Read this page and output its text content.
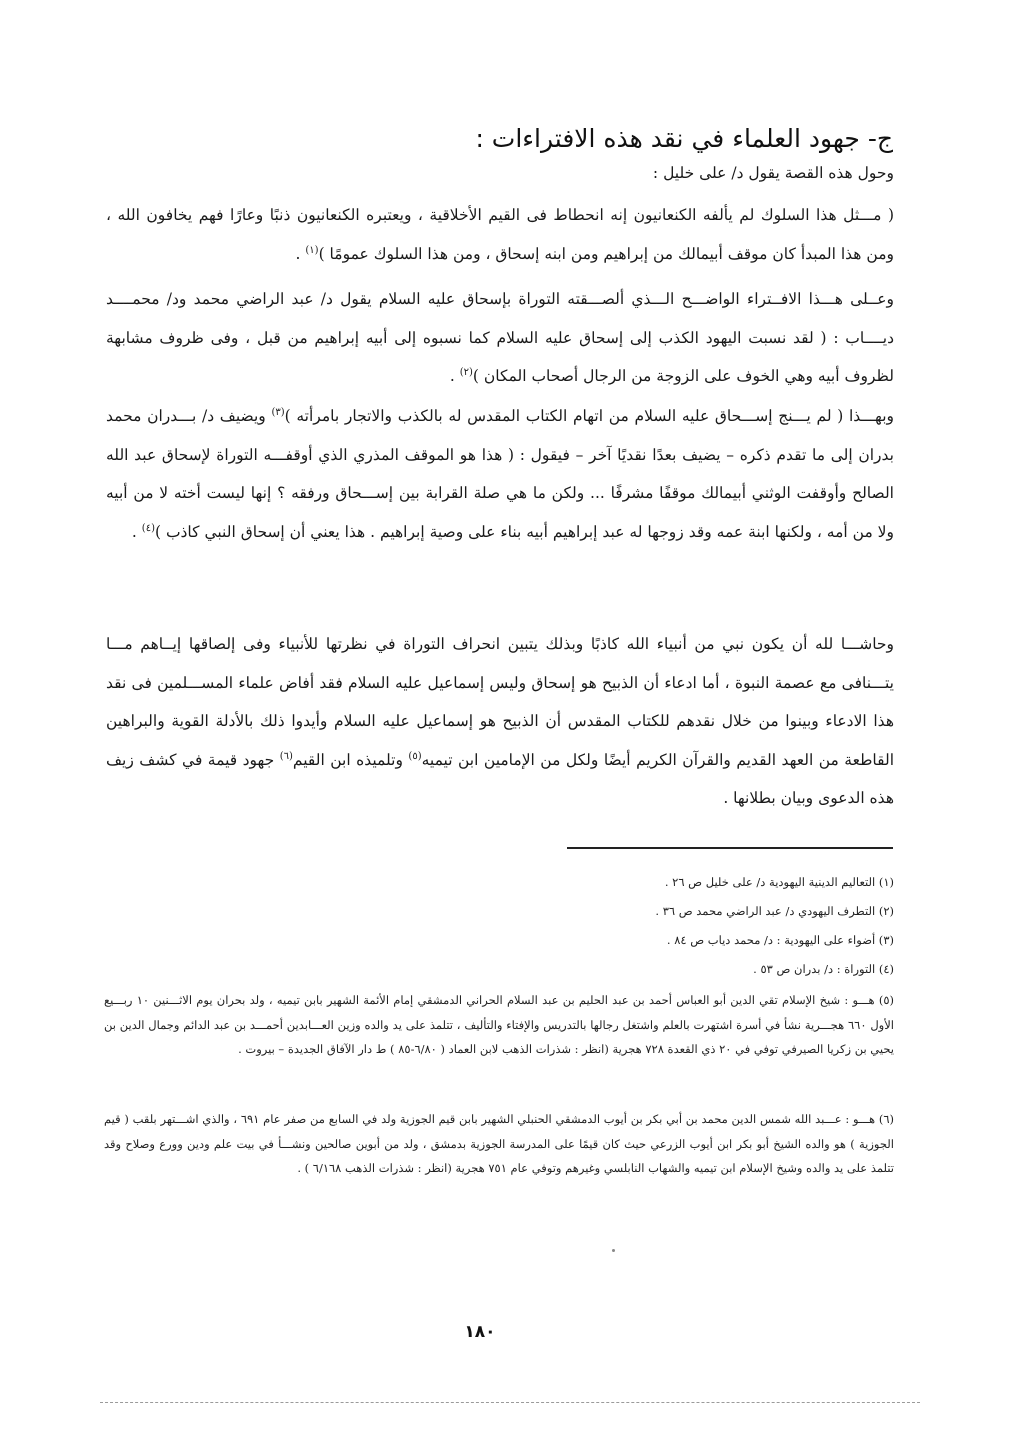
ج- جهود العلماء في نقد هذه الافتراءات :
وحول هذه القصة يقول د/ على خليل :
( مـــثل هذا السلوك لم يألفه الكنعانيون إنه انحطاط فى القيم الأخلاقية ، ويعتبره الكنعانيون ذنبًا وعارًا فهم يخافون الله ، ومن هذا المبدأ كان موقف أبيمالك من إبراهيم ومن ابنه إسحاق ، ومن هذا السلوك عمومًا )$^{(١)}$ .
وعــلى هـــذا الافــتراء الواضـــح الـــذي ألصـــقته التوراة بإسحاق عليه السلام يقول د/ عبد الراضي محمد ود/ محمــــد ديــــاب : ( لقد نسبت اليهود الكذب إلى إسحاق عليه السلام كما نسبوه إلى أبيه إبراهيم من قبل ، وفى ظروف مشابهة لظروف أبيه وهي الخوف على الزوجة من الرجال أصحاب المكان )$^{(٢)}$ .
وبهـــذا ( لم يـــنج إســـحاق عليه السلام من اتهام الكتاب المقدس له بالكذب والاتجار بامرأته )$^{(٣)}$ ويضيف د/ بـــدران محمد بدران إلى ما تقدم ذكره – يضيف بعدًا نقديًا آخر – فيقول : ( هذا هو الموقف المذري الذي أوقفـــه التوراة لإسحاق عبد الله الصالح وأوقفت الوثني أبيمالك موقفًا مشرفًا ... ولكن ما هي صلة القرابة بين إســـحاق ورفقه ؟ إنها ليست أخته لا من أبيه ولا من أمه ، ولكنها ابنة عمه وقد زوجها له عبد إبراهيم أبيه بناء على وصية إبراهيم . هذا يعني أن إسحاق النبي كاذب )$^{(٤)}$ .
وحاشـــا لله أن يكون نبي من أنبياء الله كاذبًا وبذلك يتبين انحراف التوراة في نظرتها للأنبياء وفى إلصاقها إيــاهم مـــا يتـــنافى مع عصمة النبوة ، أما ادعاء أن الذبيح هو إسحاق وليس إسماعيل عليه السلام فقد أفاض علماء المســـلمين فى نقد هذا الادعاء وبينوا من خلال نقدهم للكتاب المقدس أن الذبيح هو إسماعيل عليه السلام وأيدوا ذلك بالأدلة القوية والبراهين القاطعة من العهد القديم والقرآن الكريم أيضًا ولكل من الإمامين ابن تيميه$^{(٥)}$ وتلميذه ابن القيم$^{(٦)}$ جهود قيمة في كشف زيف هذه الدعوى وبيان بطلانها .
(١) التعاليم الدينية اليهودية د/ على خليل ص ٢٦ .
(٢) التطرف اليهودي د/ عبد الراضي محمد ص ٣٦ .
(٣) أضواء على اليهودية : د/ محمد دياب ص ٨٤ .
(٤) التوراة : د/ بدران ص ٥٣ .
(٥) هـــو : شيخ الإسلام تقي الدين أبو العباس أحمد بن عبد الحليم بن عبد السلام الحراني الدمشقي إمام الأئمة الشهير بابن تيميه ، ولد بحران يوم الاثـــنين ١٠ ربـــيع الأول ٦٦٠ هجـــرية نشأ في أسرة اشتهرت بالعلم واشتغل رجالها بالتدريس والإفتاء والتأليف ، تتلمذ على يد والده وزين العـــابدين أحمـــد بن عبد الدائم وجمال الدين بن يحيي بن زكريا الصيرفي توفي في ٢٠ ذي القعدة ٧٢٨ هجرية (انظر : شذرات الذهب لابن العماد ( ٦/٨٠-٨٥ ) ط دار الآفاق الجديدة – بيروت .
(٦) هـــو : عـــبد الله شمس الدين محمد بن أبي بكر بن أيوب الدمشقي الحنبلي الشهير بابن قيم الجوزية ولد في السابع من صفر عام ٦٩١ ، والذي اشـــتهر بلقب ( قيم الجوزية ) هو والده الشيخ أبو بكر ابن أيوب الزرعي حيث كان قيمًا على المدرسة الجوزية بدمشق ، ولد من أبوين صالحين ونشـــأ في بيت علم ودين وورع وصلاح وقد تتلمذ على يد والده وشيخ الإسلام ابن تيميه والشهاب النابلسي وغيرهم وتوفي عام ٧٥١ هجرية (انظر : شذرات الذهب ٦/١٦٨ ) .
١٨٠
